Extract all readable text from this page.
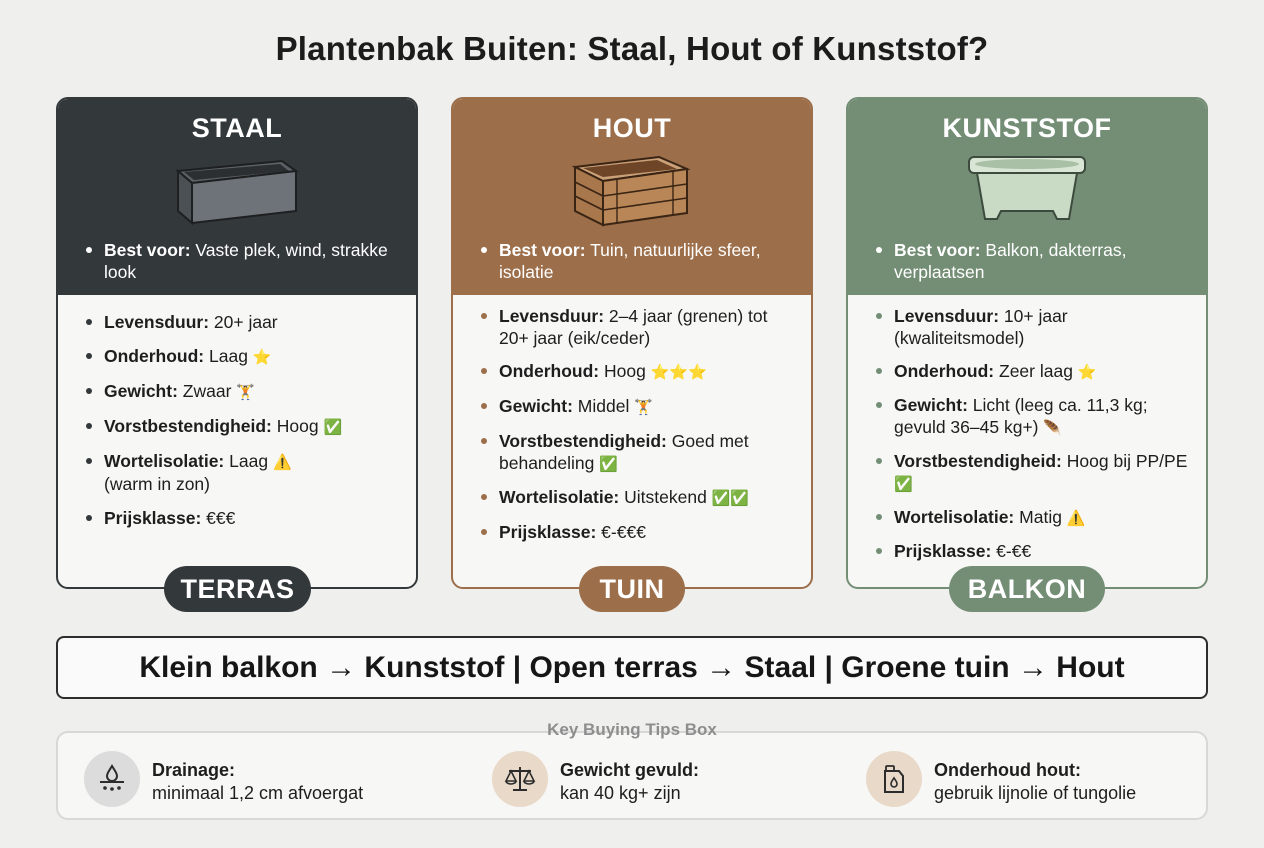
Plantenbak Buiten: Staal, Hout of Kunststof?
STAAL
Best voor: Vaste plek, wind, strakke look
Levensduur: 20+ jaar
Onderhoud: Laag ⭐
Gewicht: Zwaar 🏋
Vorstbestendigheid: Hoog ✅
Wortelisolatie: Laag ⚠️
(warm in zon)
Prijsklasse: €€€
TERRAS
HOUT
Best voor: Tuin, natuurlijke sfeer, isolatie
Levensduur: 2–4 jaar (grenen) tot 20+ jaar (eik/ceder)
Onderhoud: Hoog ⭐⭐⭐
Gewicht: Middel 🏋
Vorstbestendigheid: Goed met behandeling ✅
Wortelisolatie: Uitstekend ✅✅
Prijsklasse: €-€€€
TUIN
KUNSTSTOF
Best voor: Balkon, dakterras, verplaatsen
Levensduur: 10+ jaar (kwaliteitsmodel)
Onderhoud: Zeer laag ⭐
Gewicht: Licht (leeg ca. 11,3 kg; gevuld 36–45 kg+) 🪶
Vorstbestendigheid: Hoog bij PP/PE ✅
Wortelisolatie: Matig ⚠️
Prijsklasse: €-€€
BALKON
Klein balkon → Kunststof | Open terras → Staal | Groene tuin → Hout
Drainage:
minimaal 1,2 cm afvoergat
Gewicht gevuld:
kan 40 kg+ zijn
Onderhoud hout:
gebruik lijnolie of tungolie
Key Buying Tips Box
